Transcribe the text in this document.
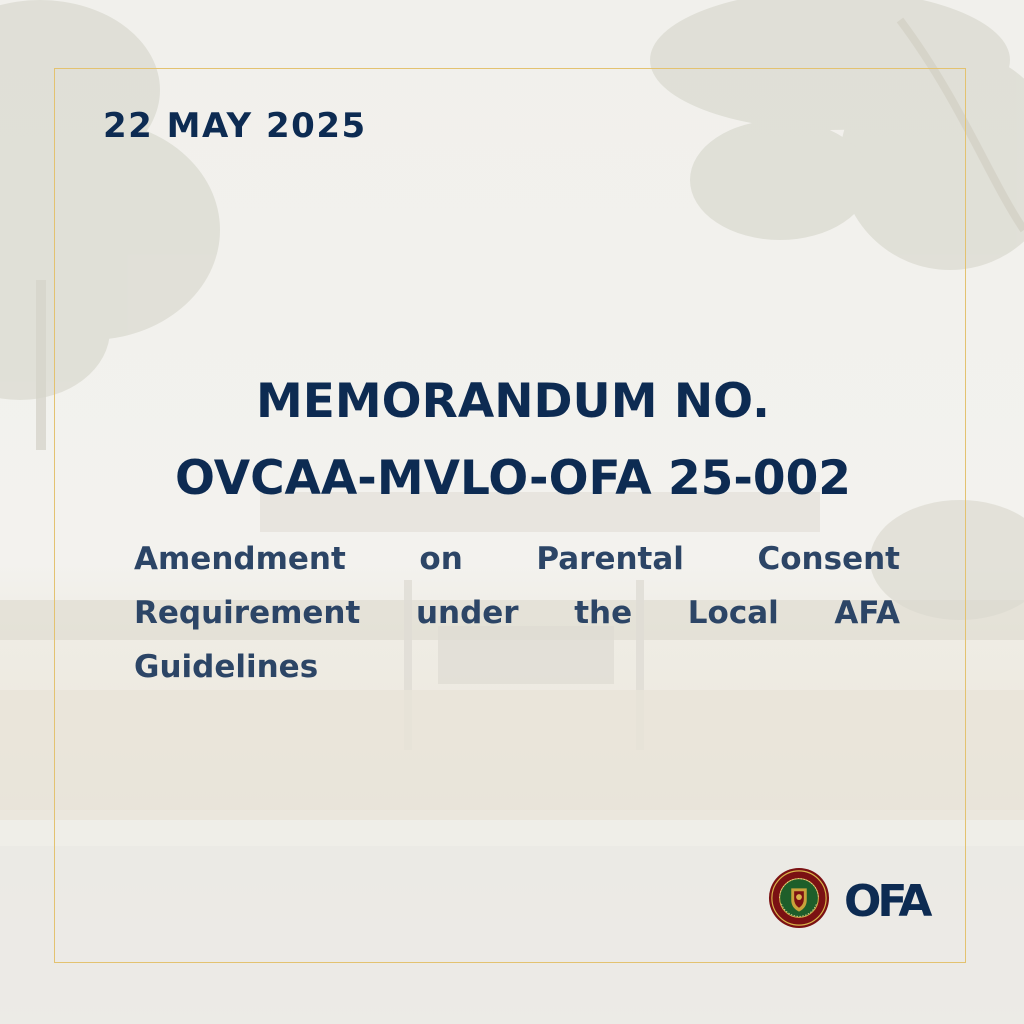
22 MAY 2025
MEMORANDUM NO.
OVCAA-MVLO-OFA 25-002
Amendment on Parental Consent Requirement under the Local AFA Guidelines
OFA
